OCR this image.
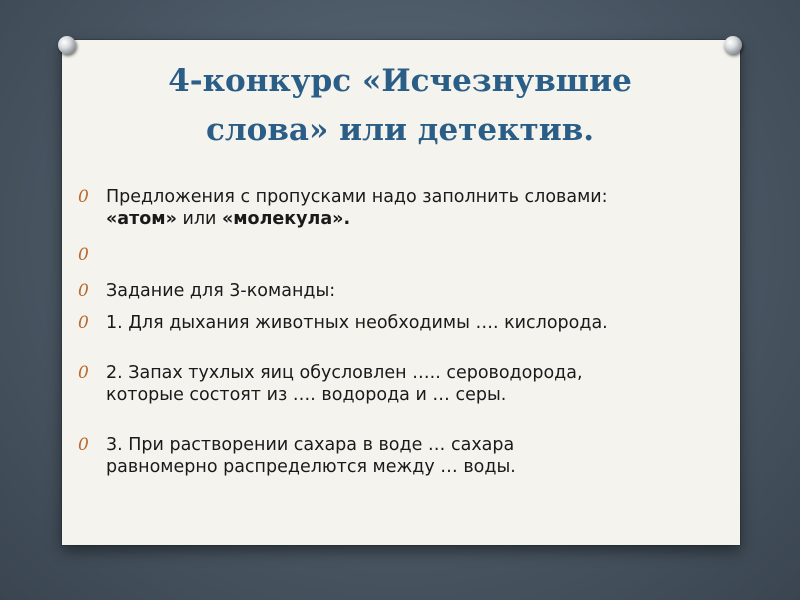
4-конкурс «Исчезнувшие
слова» или детектив.
0 Предложения с пропусками надо заполнить словами:
«атом» или «молекула».
0

0 Задание для 3-команды:
0 1. Для дыхания животных необходимы …. кислорода.
0 2. Запах тухлых яиц обусловлен ….. сероводорода,
которые состоят из …. водорода и … серы.
0 3. При растворении сахара в воде … сахара
равномерно распределются между … воды.
